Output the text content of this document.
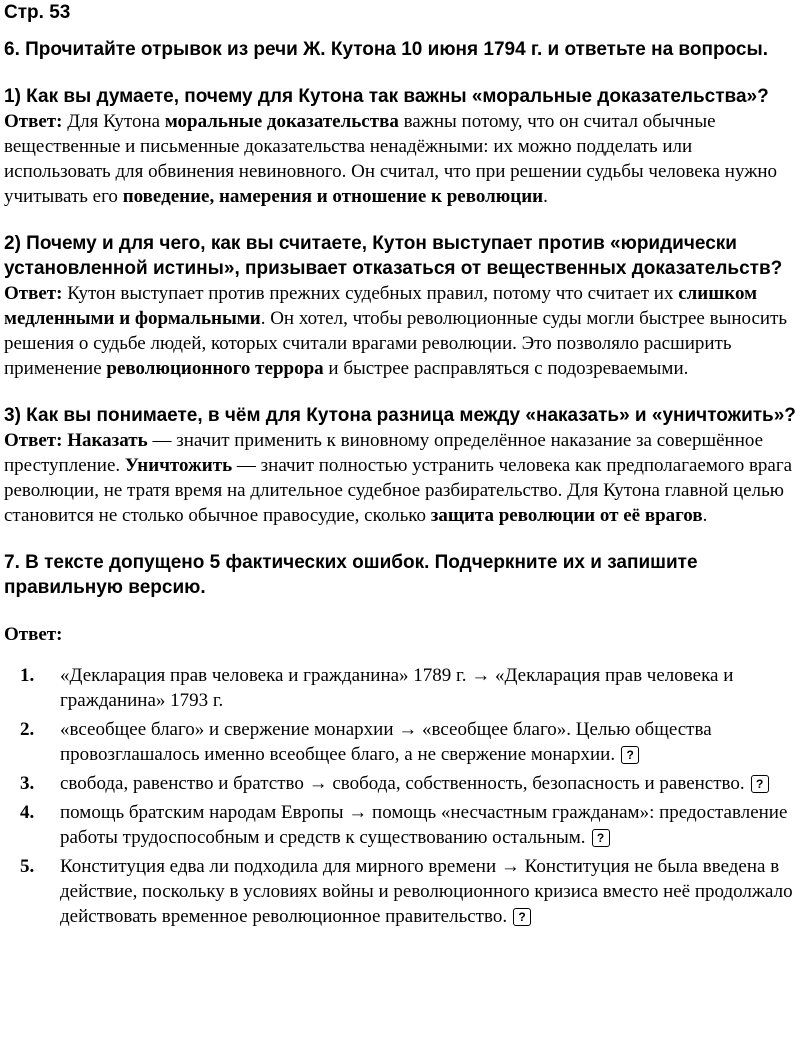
Стр. 53
6. Прочитайте отрывок из речи Ж. Кутона 10 июня 1794 г. и ответьте на вопросы.
1) Как вы думаете, почему для Кутона так важны «моральные доказательства»?

Ответ: Для Кутона моральные доказательства важны потому, что он считал обычные вещественные и письменные доказательства ненадёжными: их можно подделать или использовать для обвинения невиновного. Он считал, что при решении судьбы человека нужно учитывать его поведение, намерения и отношение к революции.

2) Почему и для чего, как вы считаете, Кутон выступает против «юридически установленной истины», призывает отказаться от вещественных доказательств?

Ответ: Кутон выступает против прежних судебных правил, потому что считает их слишком медленными и формальными. Он хотел, чтобы революционные суды могли быстрее выносить решения о судьбе людей, которых считали врагами революции. Это позволяло расширить применение революционного террора и быстрее расправляться с подозреваемыми.

3) Как вы понимаете, в чём для Кутона разница между «наказать» и «уничтожить»?

Ответ: Наказать — значит применить к виновному определённое наказание за совершённое преступление. Уничтожить — значит полностью устранить человека как предполагаемого врага революции, не тратя время на длительное судебное разбирательство. Для Кутона главной целью становится не столько обычное правосудие, сколько защита революции от её врагов.

7. В тексте допущено 5 фактических ошибок. Подчеркните их и запишите правильную версию.

Ответ:

1.	«Декларация прав человека и гражданина» 1789 г. → «Декларация прав человека и гражданина» 1793 г.
2.	«всеобщее благо» и свержение монархии → «всеобщее благо». Целью общества провозглашалось именно всеобщее благо, а не свержение монархии. ?
3.	свобода, равенство и братство → свобода, собственность, безопасность и равенство. ?
4.	помощь братским народам Европы → помощь «несчастным гражданам»: предоставление работы трудоспособным и средств к существованию остальным. ?
5.	Конституция едва ли подходила для мирного времени → Конституция не была введена в действие, поскольку в условиях войны и революционного кризиса вместо неё продолжало действовать временное революционное правительство. ?
